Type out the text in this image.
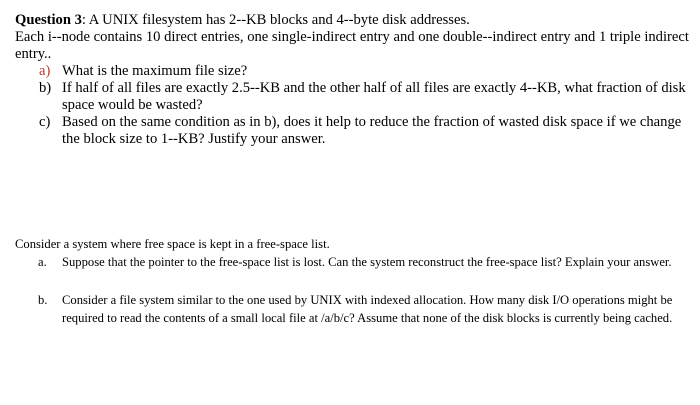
Question 3: A UNIX filesystem has 2--KB blocks and 4--byte disk addresses.

Each i--node contains 10 direct entries, one single-indirect entry and one double--indirect entry and 1 triple indirect entry..

a) What is the maximum file size?
b) If half of all files are exactly 2.5--KB and the other half of all files are exactly 4--KB, what fraction of disk space would be wasted?
c) Based on the same condition as in b), does it help to reduce the fraction of wasted disk space if we change the block size to 1--KB? Justify your answer.

Consider a system where free space is kept in a free-space list.

a. Suppose that the pointer to the free-space list is lost. Can the system reconstruct the free-space list? Explain your answer.
b. Consider a file system similar to the one used by UNIX with indexed allocation. How many disk I/O operations might be required to read the contents of a small local file at /a/b/c? Assume that none of the disk blocks is currently being cached.
